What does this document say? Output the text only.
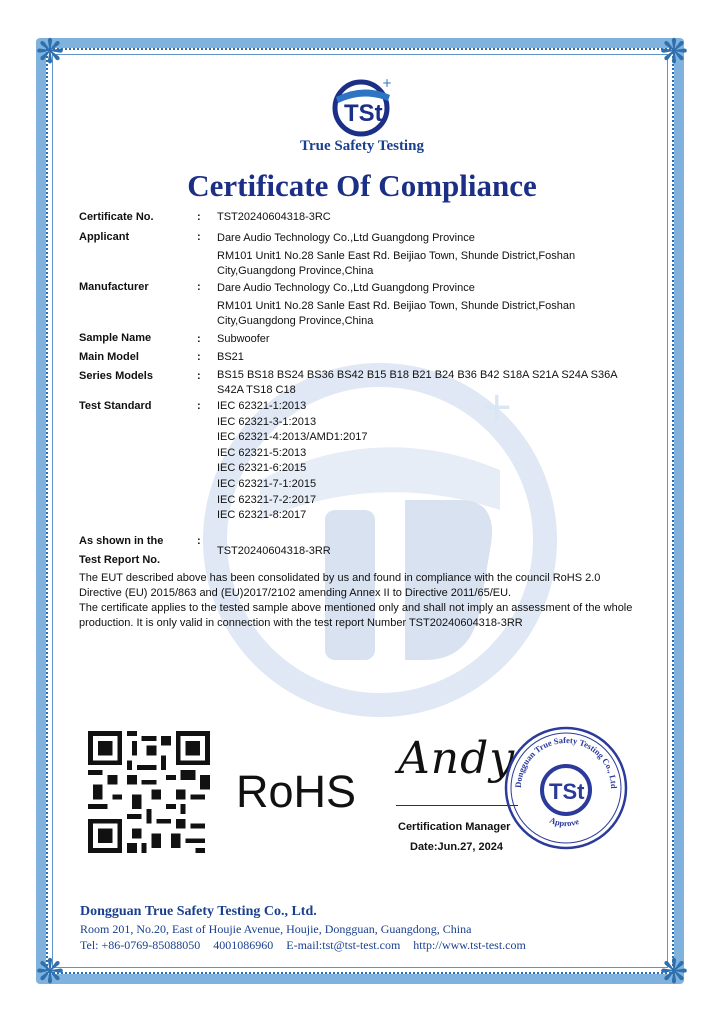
❋	❋
❋	❋
+
TSt
+
True Safety Testing
Certificate Of Compliance
Certificate No.	: TST20240604318-3RC
Applicant	: Dare Audio Technology Co.,Ltd Guangdong Province
RM101 Unit1 No.28 Sanle East Rd. Beijiao Town, Shunde District,Foshan City,Guangdong Province,China
Manufacturer	: Dare Audio Technology Co.,Ltd Guangdong Province
RM101 Unit1 No.28 Sanle East Rd. Beijiao Town, Shunde District,Foshan City,Guangdong Province,China
Sample Name	: Subwoofer
Main Model	: BS21
Series Models	: BS15 BS18 BS24 BS36 BS42 B15 B18 B21 B24 B36 B42 S18A S21A S24A S36A S42A TS18 C18
Test Standard	: IEC 62321-1:2013
IEC 62321-3-1:2013
IEC 62321-4:2013/AMD1:2017
IEC 62321-5:2013
IEC 62321-6:2015
IEC 62321-7-1:2015
IEC 62321-7-2:2017
IEC 62321-8:2017
As shown in the	:
Test Report No.
TST20240604318-3RR

The EUT described above has been consolidated by us and found in compliance with the council RoHS 2.0 Directive (EU) 2015/863 and (EU)2017/2102 amending Annex II to Directive 2011/65/EU.

The certificate applies to the tested sample above mentioned only and shall not imply an assessment of the whole production. It is only valid in connection with the test report Number TST20240604318-3RR

RoHS
Andy
Certification Manager
Date:Jun.27, 2024
Dongguan True Safety Testing Co., Ltd
Approve
TSt
Dongguan True Safety Testing Co., Ltd.
Room 201, No.20, East of Houjie Avenue, Houjie, Dongguan, Guangdong, China
Tel: +86-0769-85088050 4001086960 E-mail:tst@tst-test.com http://www.tst-test.com
